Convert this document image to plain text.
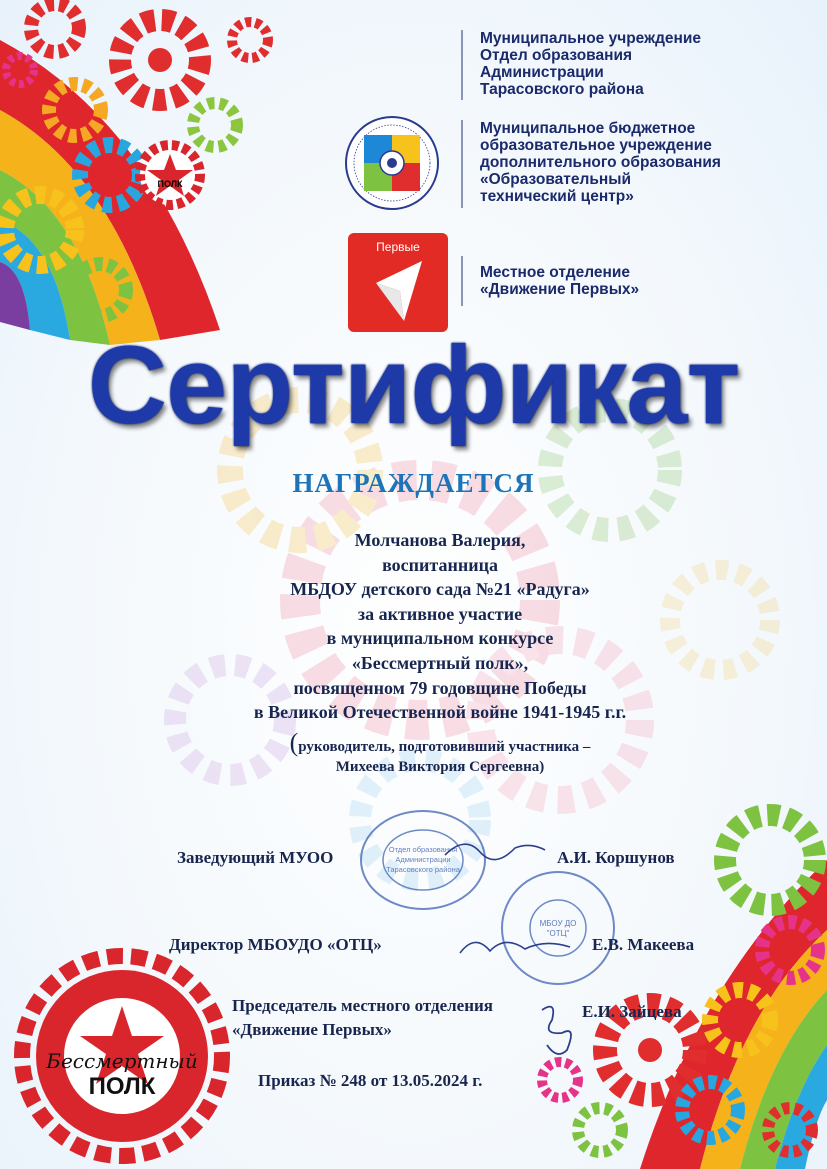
ПОЛК
Муниципальное учреждение
Отдел образования
Администрации
Тарасовского района
Муниципальное бюджетное
образовательное учреждение
дополнительного образования
«Образовательный
технический центр»
Местное отделение
«Движение Первых»
Первые
Сертификат
НАГРАЖДАЕТСЯ
Молчанова Валерия,
воспитанница
МБДОУ детского сада №21 «Радуга»
за активное участие
в муниципальном конкурсе
«Бессмертный полк»,
посвященном 79 годовщине Победы
в Великой Отечественной войне 1941-1945 г.г.
(руководитель, подготовивший участника –
Михеева Виктория Сергеевна)
Отдел образования
Администрации
Тарасовского района
МБОУ ДО
"ОТЦ"
Заведующий МУОО	А.И. Коршунов
Директор МБОУДО «ОТЦ»	Е.В. Макеева
Председатель местного отделения
«Движение Первых»
Е.И. Зайцева
Бессмертный
ПОЛК	Приказ № 248 от 13.05.2024 г.
